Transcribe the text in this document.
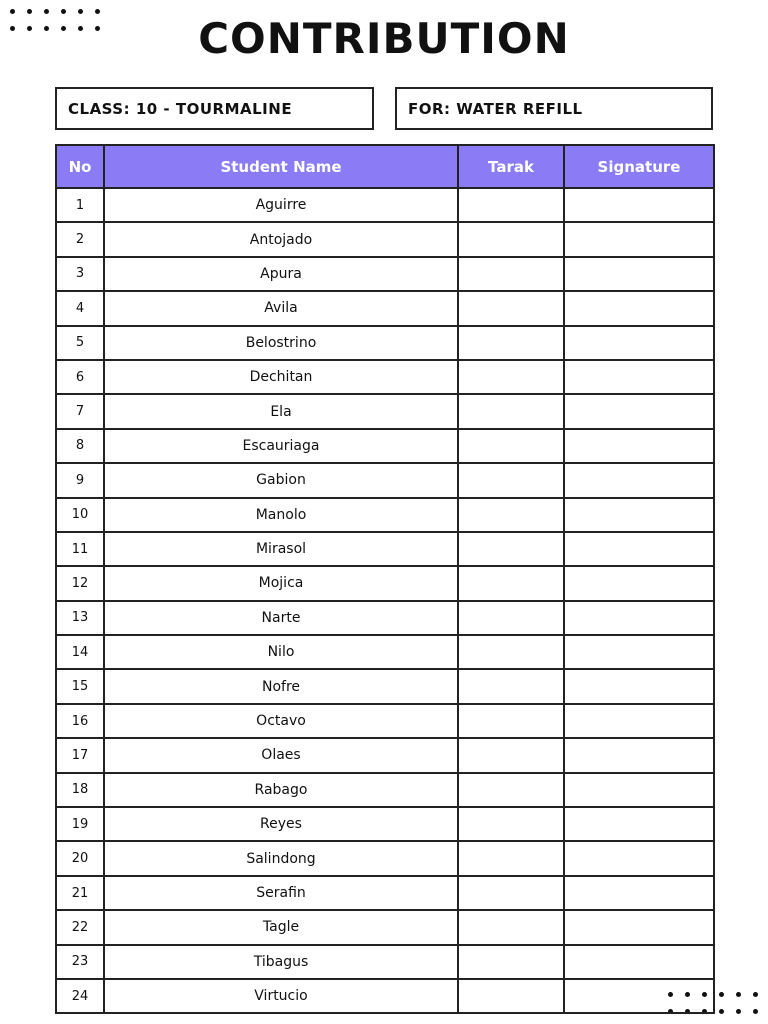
CONTRIBUTION
CLASS: 10 - TOURMALINE	FOR: WATER REFILL
No	Student Name	Tarak	Signature
1	Aguirre		
2	Antojado		
3	Apura		
4	Avila		
5	Belostrino		
6	Dechitan		
7	Ela		
8	Escauriaga		
9	Gabion		
10	Manolo		
11	Mirasol		
12	Mojica		
13	Narte		
14	Nilo		
15	Nofre		
16	Octavo		
17	Olaes		
18	Rabago		
19	Reyes		
20	Salindong		
21	Serafin		
22	Tagle		
23	Tibagus		
24	Virtucio		
